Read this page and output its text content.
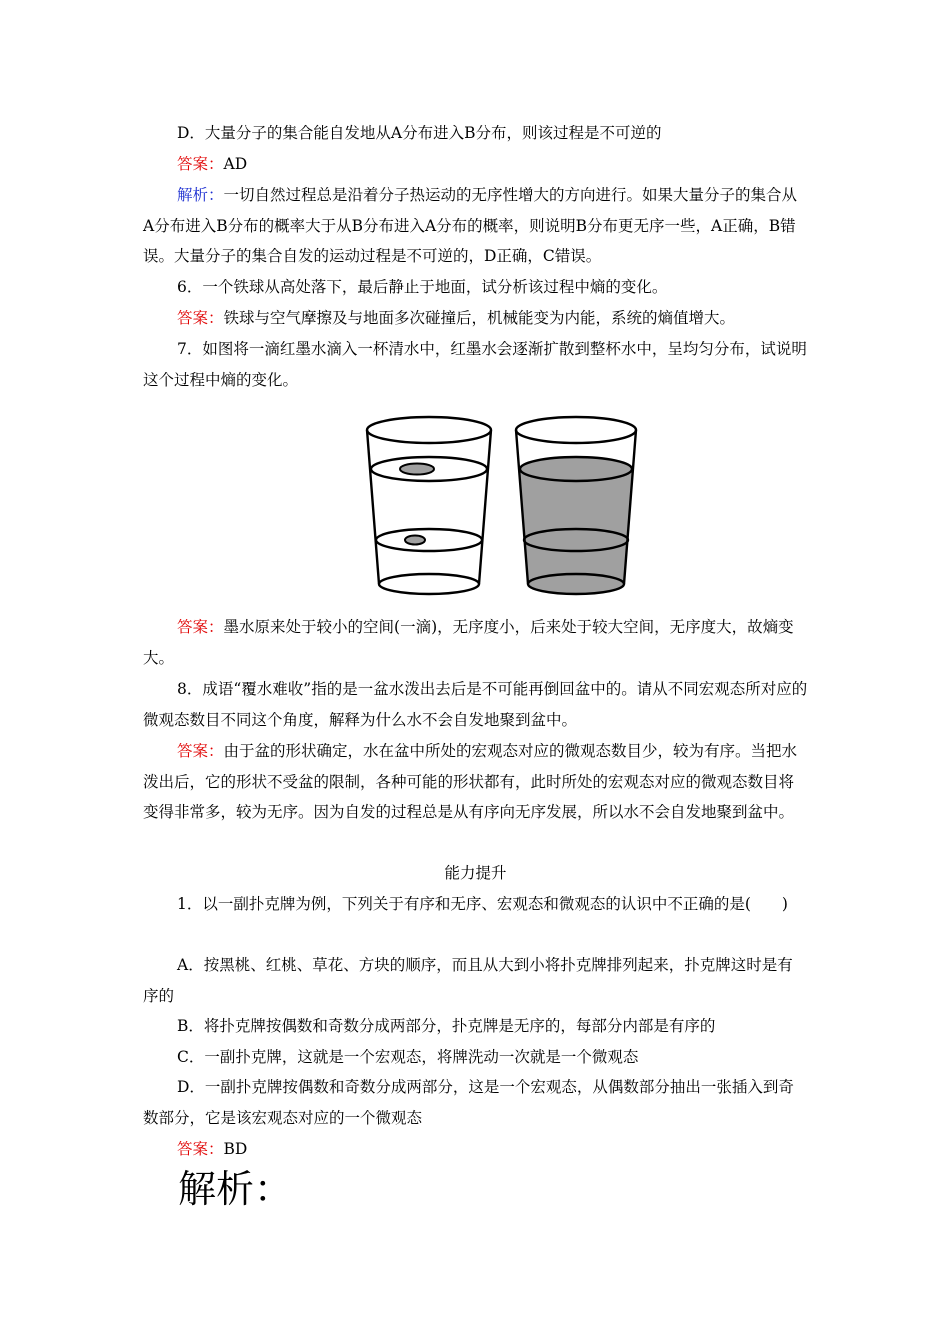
D．大量分子的集合能自发地从A分布进入B分布，则该过程是不可逆的

答案：AD

解析：一切自然过程总是沿着分子热运动的无序性增大的方向进行。如果大量分子的集合从A分布进入B分布的概率大于从B分布进入A分布的概率，则说明B分布更无序一些，A正确，B错误。大量分子的集合自发的运动过程是不可逆的，D正确，C错误。

6．一个铁球从高处落下，最后静止于地面，试分析该过程中熵的变化。

答案：铁球与空气摩擦及与地面多次碰撞后，机械能变为内能，系统的熵值增大。

7．如图将一滴红墨水滴入一杯清水中，红墨水会逐渐扩散到整杯水中，呈均匀分布，试说明这个过程中熵的变化。

答案：墨水原来处于较小的空间(一滴)，无序度小，后来处于较大空间，无序度大，故熵变大。

8．成语“覆水难收”指的是一盆水泼出去后是不可能再倒回盆中的。请从不同宏观态所对应的微观态数目不同这个角度，解释为什么水不会自发地聚到盆中。

答案：由于盆的形状确定，水在盆中所处的宏观态对应的微观态数目少，较为有序。当把水泼出后，它的形状不受盆的限制，各种可能的形状都有，此时所处的宏观态对应的微观态数目将变得非常多，较为无序。因为自发的过程总是从有序向无序发展，所以水不会自发地聚到盆中。

能力提升

1．以一副扑克牌为例，下列关于有序和无序、宏观态和微观态的认识中不正确的是(　　)

A．按黑桃、红桃、草花、方块的顺序，而且从大到小将扑克牌排列起来，扑克牌这时是有序的

B．将扑克牌按偶数和奇数分成两部分，扑克牌是无序的，每部分内部是有序的

C．一副扑克牌，这就是一个宏观态，将牌洗动一次就是一个微观态

D．一副扑克牌按偶数和奇数分成两部分，这是一个宏观态，从偶数部分抽出一张插入到奇数部分，它是该宏观态对应的一个微观态

答案：BD

解析：
